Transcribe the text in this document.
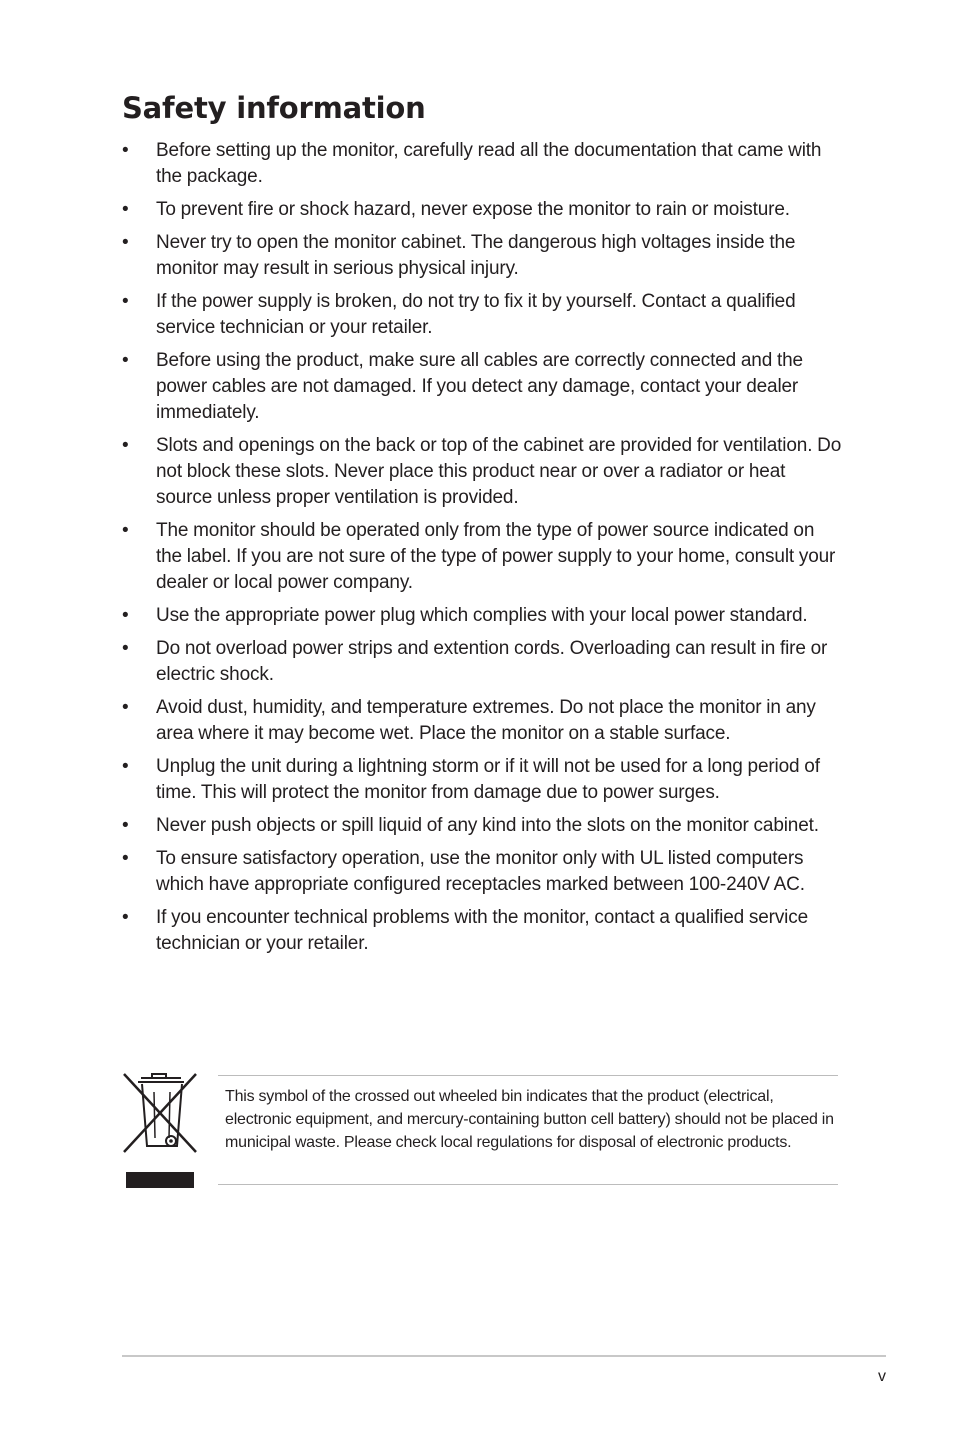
Safety information
• Before setting up the monitor, carefully read all the documentation that came with the package.
• To prevent fire or shock hazard, never expose the monitor to rain or moisture.
• Never try to open the monitor cabinet. The dangerous high voltages inside the monitor may result in serious physical injury.
• If the power supply is broken, do not try to fix it by yourself. Contact a qualified service technician or your retailer.
• Before using the product, make sure all cables are correctly connected and the power cables are not damaged. If you detect any damage, contact your dealer immediately.
• Slots and openings on the back or top of the cabinet are provided for ventilation. Do not block these slots. Never place this product near or over a radiator or heat source unless proper ventilation is provided.
• The monitor should be operated only from the type of power source indicated on the label. If you are not sure of the type of power supply to your home, consult your dealer or local power company.
• Use the appropriate power plug which complies with your local power standard.
• Do not overload power strips and extention cords. Overloading can result in fire or electric shock.
• Avoid dust, humidity, and temperature extremes. Do not place the monitor in any area where it may become wet. Place the monitor on a stable surface.
• Unplug the unit during a lightning storm or if it will not be used for a long period of time. This will protect the monitor from damage due to power surges.
• Never push objects or spill liquid of any kind into the slots on the monitor cabinet.
• To ensure satisfactory operation, use the monitor only with UL listed computers which have appropriate configured receptacles marked between 100-240V AC.
• If you encounter technical problems with the monitor, contact a qualified service technician or your retailer.

This symbol of the crossed out wheeled bin indicates that the product (electrical, electronic equipment, and mercury-containing button cell battery) should not be placed in municipal waste. Please check local regulations for disposal of electronic products.

v
